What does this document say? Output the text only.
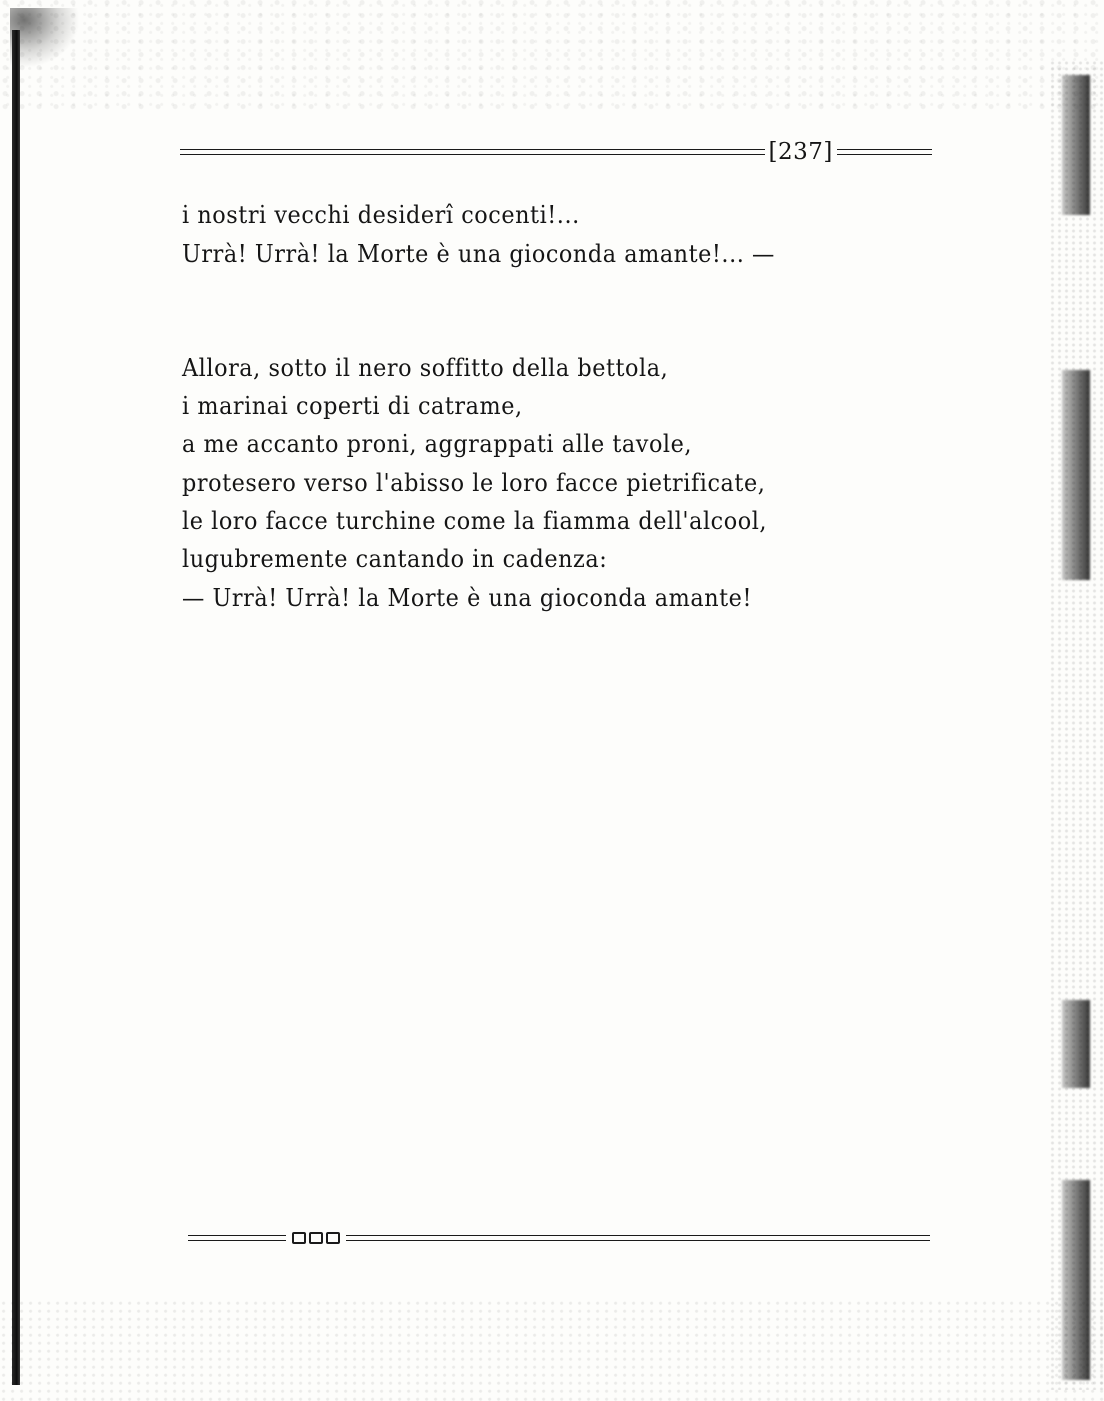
[237]
i nostri vecchi desiderî cocenti!...
Urrà! Urrà! la Morte è una gioconda amante!... —
Allora, sotto il nero soffitto della bettola,
i marinai coperti di catrame,
a me accanto proni, aggrappati alle tavole,
protesero verso l'abisso le loro facce pietrificate,
le loro facce turchine come la fiamma dell'alcool,
lugubremente cantando in cadenza:
— Urrà! Urrà! la Morte è una gioconda amante!
